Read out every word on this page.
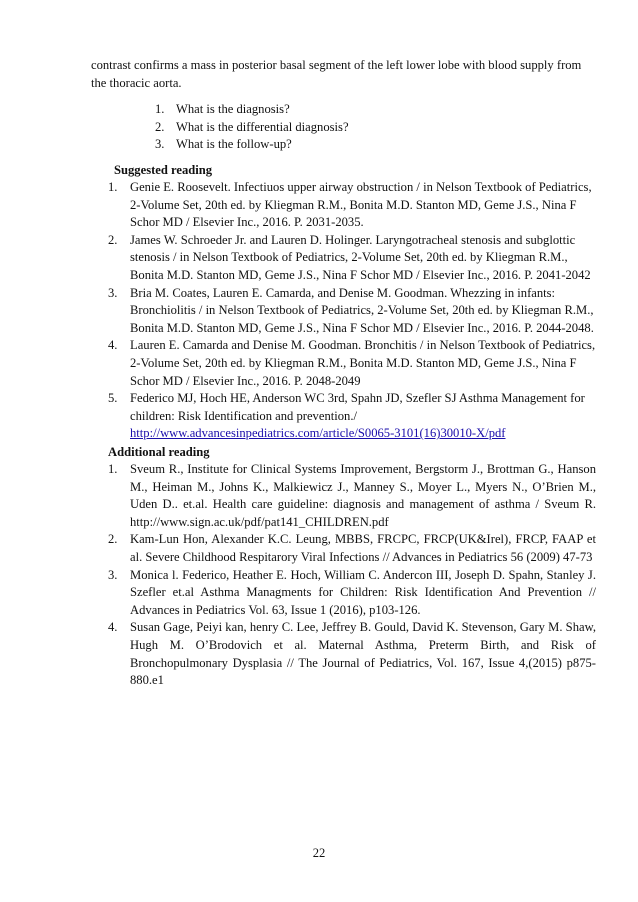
contrast confirms a mass in posterior basal segment of the left lower lobe with blood supply from the thoracic aorta.
1. What is the diagnosis?
2. What is the differential diagnosis?
3. What is the follow-up?
Suggested reading
1. Genie E. Roosevelt. Infectiuos upper airway obstruction / in Nelson Textbook of Pediatrics, 2-Volume Set, 20th ed. by Kliegman R.M., Bonita M.D. Stanton MD, Geme J.S., Nina F Schor MD / Elsevier Inc., 2016. P. 2031-2035.
2. James W. Schroeder Jr. and Lauren D. Holinger. Laryngotracheal stenosis and subglottic stenosis / in Nelson Textbook of Pediatrics, 2-Volume Set, 20th ed. by Kliegman R.M., Bonita M.D. Stanton MD, Geme J.S., Nina F Schor MD / Elsevier Inc., 2016. P. 2041-2042
3. Bria M. Coates, Lauren E. Camarda, and Denise M. Goodman. Whezzing in infants: Bronchiolitis / in Nelson Textbook of Pediatrics, 2-Volume Set, 20th ed. by Kliegman R.M., Bonita M.D. Stanton MD, Geme J.S., Nina F Schor MD / Elsevier Inc., 2016. P. 2044-2048.
4. Lauren E. Camarda and Denise M. Goodman. Bronchitis / in Nelson Textbook of Pediatrics, 2-Volume Set, 20th ed. by Kliegman R.M., Bonita M.D. Stanton MD, Geme J.S., Nina F Schor MD / Elsevier Inc., 2016. P. 2048-2049
5. Federico MJ, Hoch HE, Anderson WC 3rd, Spahn JD, Szefler SJ Asthma Management for children: Risk Identification and prevention./
http://www.advancesinpediatrics.com/article/S0065-3101(16)30010-X/pdf
Additional reading
1. Sveum R., Institute for Clinical Systems Improvement, Bergstorm J., Brottman G., Hanson M., Heiman M., Johns K., Malkiewicz J., Manney S., Moyer L., Myers N., O’Brien M., Uden D.. et.al. Health care guideline: diagnosis and management of asthma / Sveum R. http://www.sign.ac.uk/pdf/pat141_CHILDREN.pdf
2. Kam-Lun Hon, Alexander K.C. Leung, MBBS, FRCPC, FRCP(UK&Irel), FRCP, FAAP et al. Severe Childhood Respitarory Viral Infections // Advances in Pediatrics 56 (2009) 47-73
3. Monica l. Federico, Heather E. Hoch, William C. Andercon III, Joseph D. Spahn, Stanley J. Szefler et.al Asthma Managments for Children: Risk Identification And Prevention // Advances in Pediatrics Vol. 63, Issue 1 (2016), p103-126.
4. Susan Gage, Peiyi kan, henry C. Lee, Jeffrey B. Gould, David K. Stevenson, Gary M. Shaw, Hugh M. O’Brodovich et al. Maternal Asthma, Preterm Birth, and Risk of Bronchopulmonary Dysplasia // The Journal of Pediatrics, Vol. 167, Issue 4,(2015) p875-880.e1
22
